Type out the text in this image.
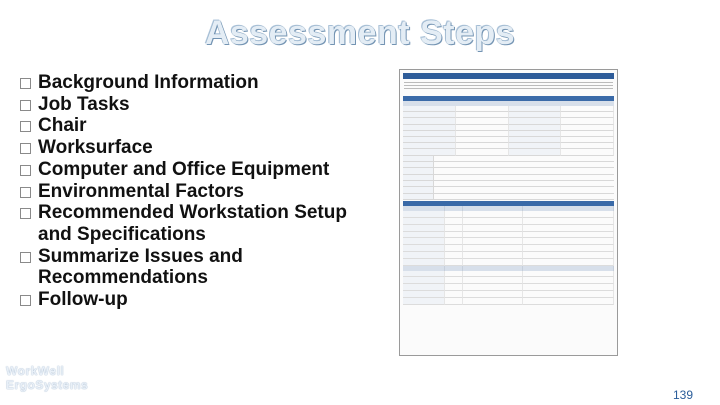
Assessment Steps
Background Information
Job Tasks
Chair
Worksurface
Computer and Office Equipment
Environmental Factors
Recommended Workstation Setup and Specifications
Summarize Issues and Recommendations
Follow-up
WorkWell
ErgoSystems
139
